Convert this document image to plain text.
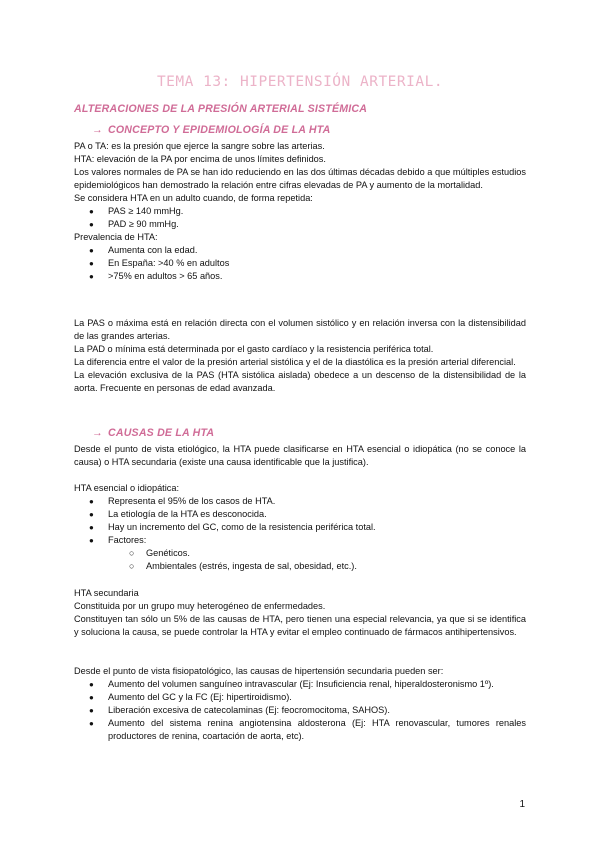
TEMA 13: HIPERTENSIÓN ARTERIAL.
ALTERACIONES DE LA PRESIÓN ARTERIAL SISTÉMICA
→ CONCEPTO Y EPIDEMIOLOGÍA DE LA HTA

PA o TA: es la presión que ejerce la sangre sobre las arterias.

HTA: elevación de la PA por encima de unos límites definidos.

Los valores normales de PA se han ido reduciendo en las dos últimas décadas debido a que múltiples estudios epidemiológicos han demostrado la relación entre cifras elevadas de PA y aumento de la mortalidad.

Se considera HTA en un adulto cuando, de forma repetida:

● PAS ≥ 140 mmHg.
● PAD ≥ 90 mmHg.

Prevalencia de HTA:

● Aumenta con la edad.
● En España: >40 % en adultos
● >75% en adultos > 65 años.

La PAS o máxima está en relación directa con el volumen sistólico y en relación inversa con la distensibilidad de las grandes arterias.

La PAD o mínima está determinada por el gasto cardíaco y la resistencia periférica total.

La diferencia entre el valor de la presión arterial sistólica y el de la diastólica es la presión arterial diferencial.

La elevación exclusiva de la PAS (HTA sistólica aislada) obedece a un descenso de la distensibilidad de la aorta. Frecuente en personas de edad avanzada.

→ CAUSAS DE LA HTA

Desde el punto de vista etiológico, la HTA puede clasificarse en HTA esencial o idiopática (no se conoce la causa) o HTA secundaria (existe una causa identificable que la justifica).

HTA esencial o idiopática:

● Representa el 95% de los casos de HTA.
● La etiología de la HTA es desconocida.
● Hay un incremento del GC, como de la resistencia periférica total.
● Factores:
○ Genéticos.
○ Ambientales (estrés, ingesta de sal, obesidad, etc.).

HTA secundaria

Constituida por un grupo muy heterogéneo de enfermedades.

Constituyen tan sólo un 5% de las causas de HTA, pero tienen una especial relevancia, ya que si se identifica y soluciona la causa, se puede controlar la HTA y evitar el empleo continuado de fármacos antihipertensivos.

Desde el punto de vista fisiopatológico, las causas de hipertensión secundaria pueden ser:

● Aumento del volumen sanguíneo intravascular (Ej: Insuficiencia renal, hiperaldosteronismo 1º).
● Aumento del GC y la FC (Ej: hipertiroidismo).
● Liberación excesiva de catecolaminas (Ej: feocromocitoma, SAHOS).
● Aumento del sistema renina angiotensina aldosterona (Ej: HTA renovascular, tumores renales productores de renina, coartación de aorta, etc).
1
